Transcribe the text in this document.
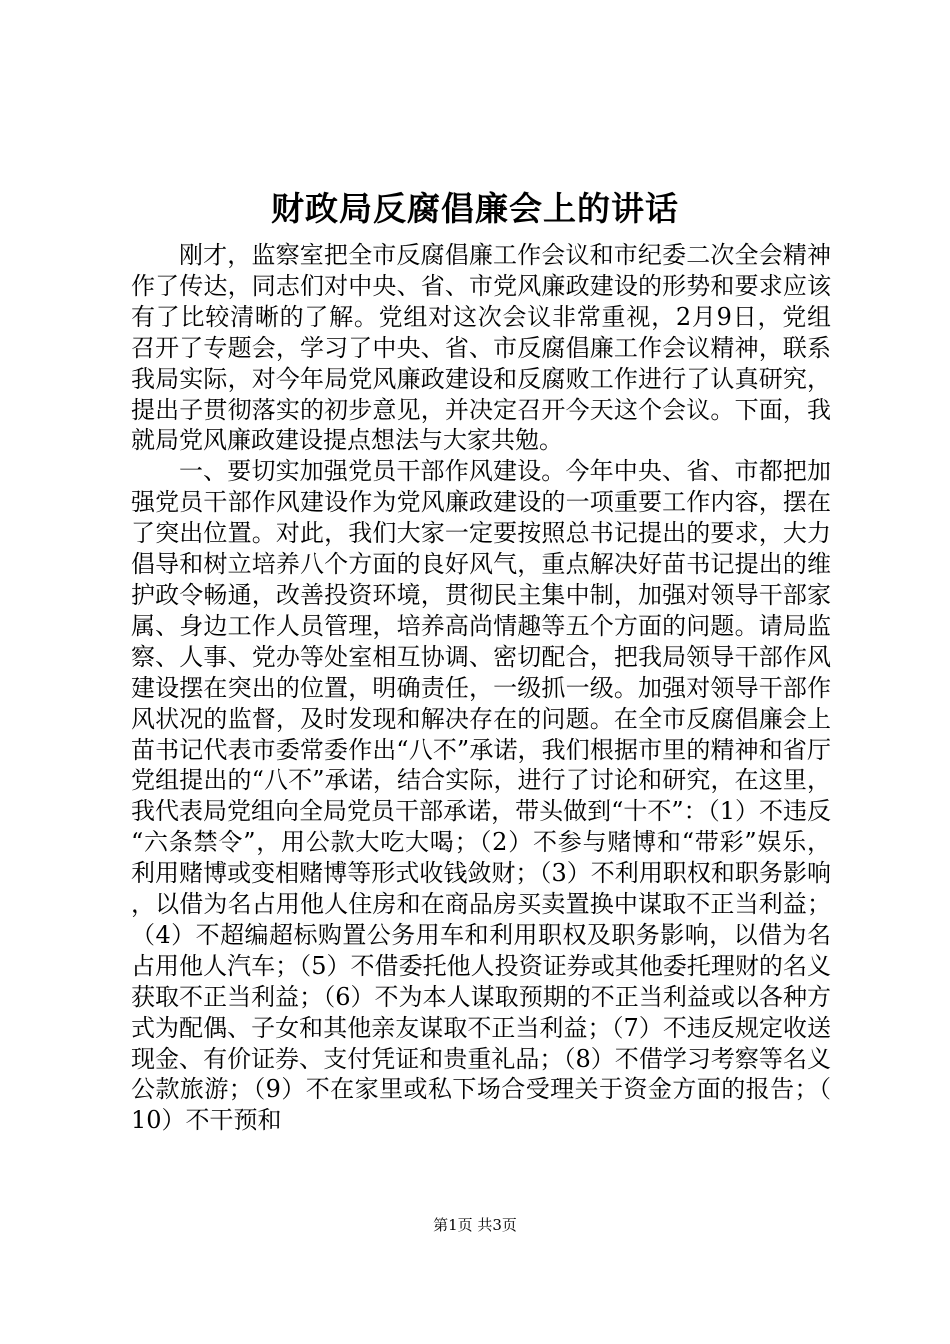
财政局反腐倡廉会上的讲话

刚才，监察室把全市反腐倡廉工作会议和市纪委二次全会精神作了传达，同志们对中央、省、市党风廉政建设的形势和要求应该有了比较清晰的了解。党组对这次会议非常重视，2月9日，党组召开了专题会，学习了中央、省、市反腐倡廉工作会议精神，联系我局实际，对今年局党风廉政建设和反腐败工作进行了认真研究，提出子贯彻落实的初步意见，并决定召开今天这个会议。下面，我就局党风廉政建设提点想法与大家共勉。

一、要切实加强党员干部作风建设。今年中央、省、市都把加强党员干部作风建设作为党风廉政建设的一项重要工作内容，摆在了突出位置。对此，我们大家一定要按照总书记提出的要求，大力倡导和树立培养八个方面的良好风气，重点解决好苗书记提出的维护政令畅通，改善投资环境，贯彻民主集中制，加强对领导干部家属、身边工作人员管理，培养高尚情趣等五个方面的问题。请局监察、人事、党办等处室相互协调、密切配合，把我局领导干部作风建设摆在突出的位置，明确责任，一级抓一级。加强对领导干部作风状况的监督，及时发现和解决存在的问题。在全市反腐倡廉会上苗书记代表市委常委作出“八不”承诺，我们根据市里的精神和省厅党组提出的“八不”承诺，结合实际，进行了讨论和研究，在这里，我代表局党组向全局党员干部承诺，带头做到“十不”：（1）不违反“六条禁令”，用公款大吃大喝；（2）不参与赌博和“带彩”娱乐，利用赌博或变相赌博等形式收钱敛财；（3）不利用职权和职务影响，以借为名占用他人住房和在商品房买卖置换中谋取不正当利益；（4）不超编超标购置公务用车和利用职权及职务影响，以借为名占用他人汽车；（5）不借委托他人投资证券或其他委托理财的名义获取不正当利益；（6）不为本人谋取预期的不正当利益或以各种方式为配偶、子女和其他亲友谋取不正当利益；（7）不违反规定收送现金、有价证券、支付凭证和贵重礼品；（8）不借学习考察等名义公款旅游；（9）不在家里或私下场合受理关于资金方面的报告；（10）不干预和

第1页 共3页
